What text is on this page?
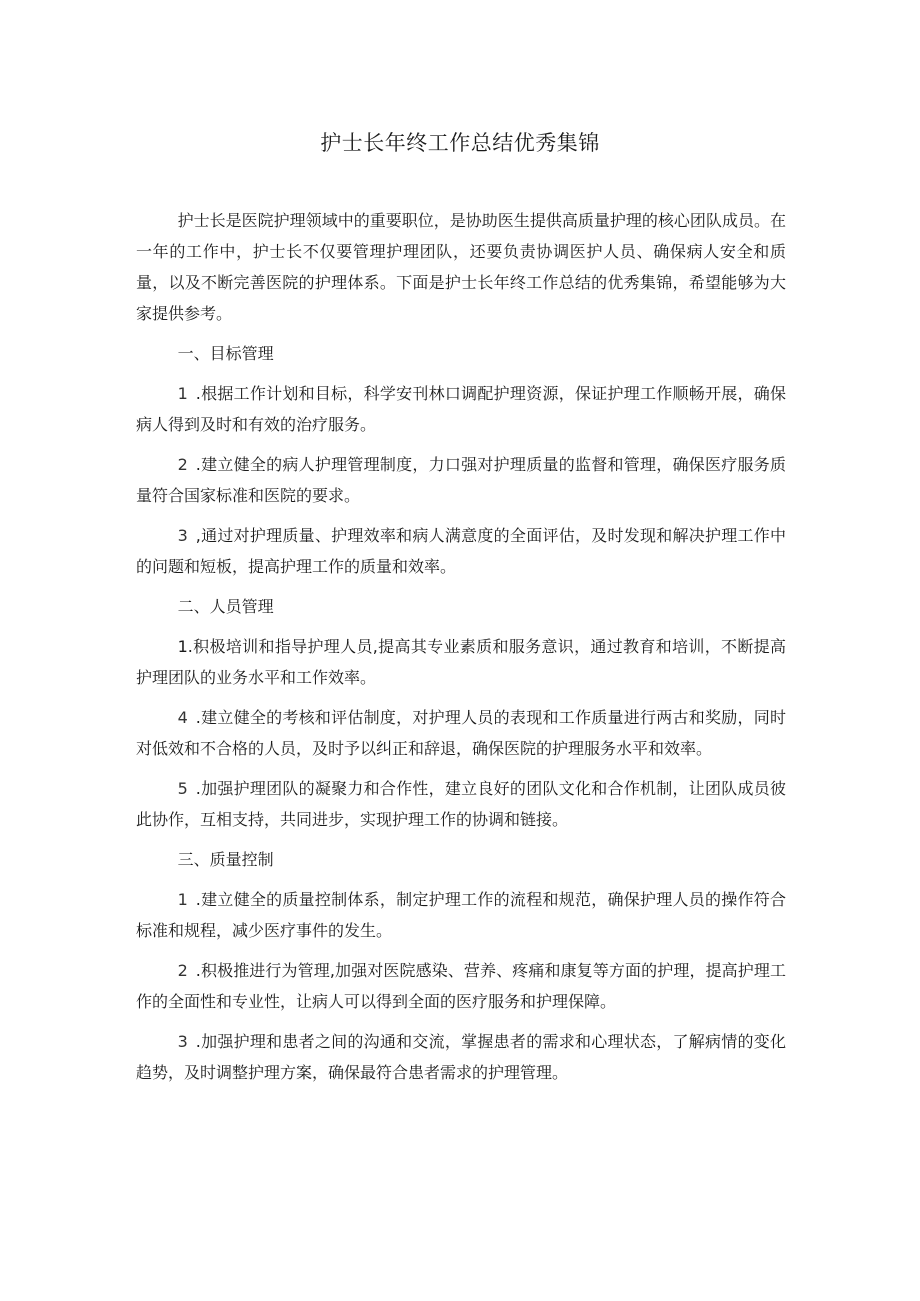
护士长年终工作总结优秀集锦

护士长是医院护理领域中的重要职位，是协助医生提供高质量护理的核心团队成员。在一年的工作中，护士长不仅要管理护理团队，还要负责协调医护人员、确保病人安全和质量，以及不断完善医院的护理体系。下面是护士长年终工作总结的优秀集锦，希望能够为大家提供参考。

一、目标管理

1 .根据工作计划和目标，科学安刊林口调配护理资源，保证护理工作顺畅开展，确保病人得到及时和有效的治疗服务。

2 .建立健全的病人护理管理制度，力口强对护理质量的监督和管理，确保医疗服务质量符合国家标准和医院的要求。

3 ,通过对护理质量、护理效率和病人满意度的全面评估，及时发现和解决护理工作中的问题和短板，提高护理工作的质量和效率。

二、人员管理

1.积极培训和指导护理人员,提高其专业素质和服务意识，通过教育和培训，不断提高护理团队的业务水平和工作效率。

4 .建立健全的考核和评估制度，对护理人员的表现和工作质量进行两古和奖励，同时对低效和不合格的人员，及时予以纠正和辞退，确保医院的护理服务水平和效率。

5 .加强护理团队的凝聚力和合作性，建立良好的团队文化和合作机制，让团队成员彼此协作，互相支持，共同进步，实现护理工作的协调和链接。

三、质量控制

1 .建立健全的质量控制体系，制定护理工作的流程和规范，确保护理人员的操作符合标准和规程，减少医疗事件的发生。

2 .积极推进行为管理,加强对医院感染、营养、疼痛和康复等方面的护理，提高护理工作的全面性和专业性，让病人可以得到全面的医疗服务和护理保障。

3 .加强护理和患者之间的沟通和交流，掌握患者的需求和心理状态，了解病情的变化趋势，及时调整护理方案，确保最符合患者需求的护理管理。
